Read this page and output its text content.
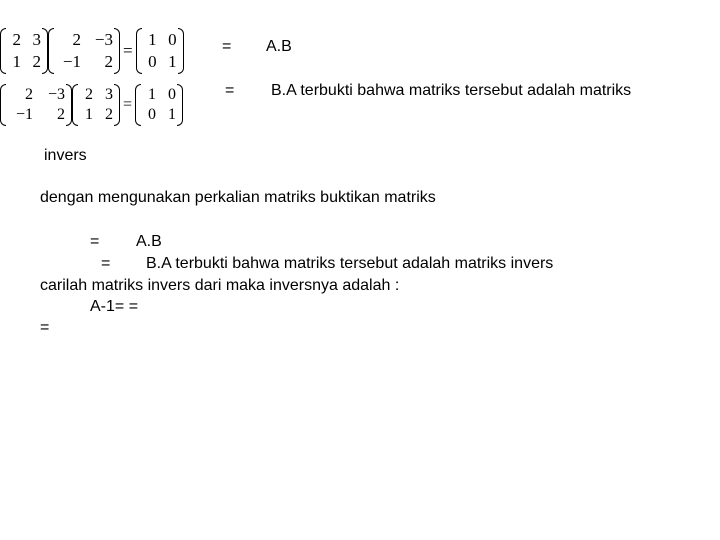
2 3
1 2
2 −3
−1	2
=
1 0
0 1
2 −3
−1	2
2 3
1 2
=
1 0
0 1
= A.B
= B.A terbukti bahwa matriks tersebut adalah matriks
invers
dengan mengunakan perkalian matriks buktikan matriks
= A.B
= B.A terbukti bahwa matriks tersebut adalah matriks invers
carilah matriks invers dari maka inversnya adalah :
A-1= =
=
